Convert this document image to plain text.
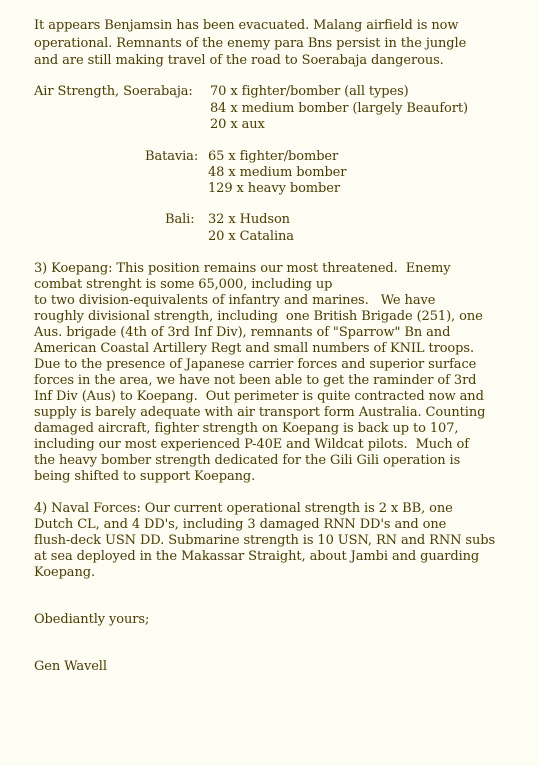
It appears Benjamsin has been evacuated. Malang airfield is now
operational. Remnants of the enemy para Bns persist in the jungle
and are still making travel of the road to Soerabaja dangerous.
Air Strength, Soerabaja: 70 x fighter/bomber (all types)
84 x medium bomber (largely Beaufort)
20 x aux
Batavia: 65 x fighter/bomber
48 x medium bomber
129 x heavy bomber
Bali: 32 x Hudson
20 x Catalina
3) Koepang: This position remains our most threatened.  Enemy
combat strenght is some 65,000, including up
to two division-equivalents of infantry and marines.   We have
roughly divisional strength, including  one British Brigade (251), one
Aus. brigade (4th of 3rd Inf Div), remnants of "Sparrow" Bn and
American Coastal Artillery Regt and small numbers of KNIL troops.
Due to the presence of Japanese carrier forces and superior surface
forces in the area, we have not been able to get the raminder of 3rd
Inf Div (Aus) to Koepang.  Out perimeter is quite contracted now and
supply is barely adequate with air transport form Australia. Counting
damaged aircraft, fighter strength on Koepang is back up to 107,
including our most experienced P-40E and Wildcat pilots.  Much of
the heavy bomber strength dedicated for the Gili Gili operation is
being shifted to support Koepang.
4) Naval Forces: Our current operational strength is 2 x BB, one
Dutch CL, and 4 DD's, including 3 damaged RNN DD's and one
flush-deck USN DD. Submarine strength is 10 USN, RN and RNN subs
at sea deployed in the Makassar Straight, about Jambi and guarding
Koepang.
Obediantly yours;
Gen Wavell
